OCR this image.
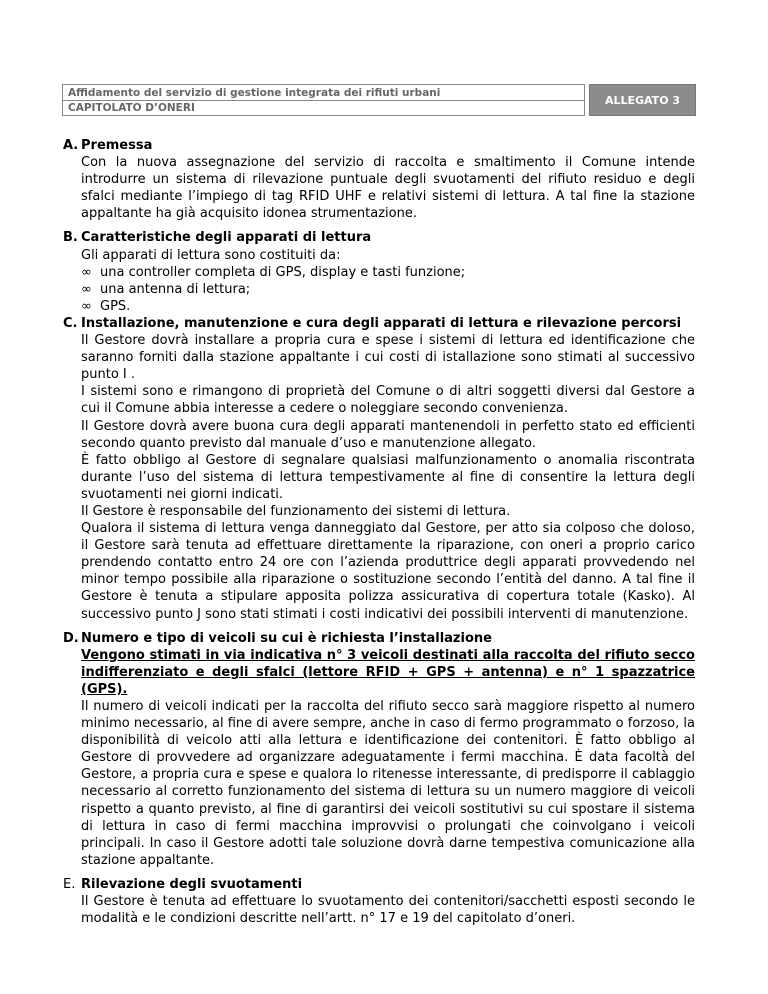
Affidamento del servizio di gestione integrata dei rifiuti urbani
CAPITOLATO D’ONERI
ALLEGATO 3
A. Premessa

Con la nuova assegnazione del servizio di raccolta e smaltimento il Comune intende introdurre un sistema di rilevazione puntuale degli svuotamenti del rifiuto residuo e degli sfalci mediante l’impiego di tag RFID UHF e relativi sistemi di lettura. A tal fine la stazione appaltante ha già acquisito idonea strumentazione.

B. Caratteristiche degli apparati di lettura

Gli apparati di lettura sono costituiti da:

∞ una controller completa di GPS, display e tasti funzione;
∞ una antenna di lettura;
∞ GPS.
C. Installazione, manutenzione e cura degli apparati di lettura e rilevazione percorsi

Il Gestore dovrà installare a propria cura e spese i sistemi di lettura ed identificazione che saranno forniti dalla stazione appaltante i cui costi di istallazione sono stimati al successivo punto I .

I sistemi sono e rimangono di proprietà del Comune o di altri soggetti diversi dal Gestore a cui il Comune abbia interesse a cedere o noleggiare secondo convenienza.

Il Gestore dovrà avere buona cura degli apparati mantenendoli in perfetto stato ed efficienti secondo quanto previsto dal manuale d’uso e manutenzione allegato.

È fatto obbligo al Gestore di segnalare qualsiasi malfunzionamento o anomalia riscontrata durante l’uso del sistema di lettura tempestivamente al fine di consentire la lettura degli svuotamenti nei giorni indicati.

Il Gestore è responsabile del funzionamento dei sistemi di lettura.

Qualora il sistema di lettura venga danneggiato dal Gestore, per atto sia colposo che doloso, il Gestore sarà tenuta ad effettuare direttamente la riparazione, con oneri a proprio carico prendendo contatto entro 24 ore con l’azienda produttrice degli apparati provvedendo nel minor tempo possibile alla riparazione o sostituzione secondo l’entità del danno. A tal fine il Gestore è tenuta a stipulare apposita polizza assicurativa di copertura totale (Kasko). Al successivo punto J sono stati stimati i costi indicativi dei possibili interventi di manutenzione.

D. Numero e tipo di veicoli su cui è richiesta l’installazione

Vengono stimati in via indicativa n° 3 veicoli destinati alla raccolta del rifiuto secco indifferenziato e degli sfalci (lettore RFID + GPS + antenna) e n° 1 spazzatrice (GPS).

Il numero di veicoli indicati per la raccolta del rifiuto secco sarà maggiore rispetto al numero minimo necessario, al fine di avere sempre, anche in caso di fermo programmato o forzoso, la disponibilità di veicolo atti alla lettura e identificazione dei contenitori. È fatto obbligo al Gestore di provvedere ad organizzare adeguatamente i fermi macchina. È data facoltà del Gestore, a propria cura e spese e qualora lo ritenesse interessante, di predisporre il cablaggio necessario al corretto funzionamento del sistema di lettura su un numero maggiore di veicoli rispetto a quanto previsto, al fine di garantirsi dei veicoli sostitutivi su cui spostare il sistema di lettura in caso di fermi macchina improvvisi o prolungati che coinvolgano i veicoli principali. In caso il Gestore adotti tale soluzione dovrà darne tempestiva comunicazione alla stazione appaltante.

E. Rilevazione degli svuotamenti

Il Gestore è tenuta ad effettuare lo svuotamento dei contenitori/sacchetti esposti secondo le modalità e le condizioni descritte nell’artt. n° 17 e 19 del capitolato d’oneri.
